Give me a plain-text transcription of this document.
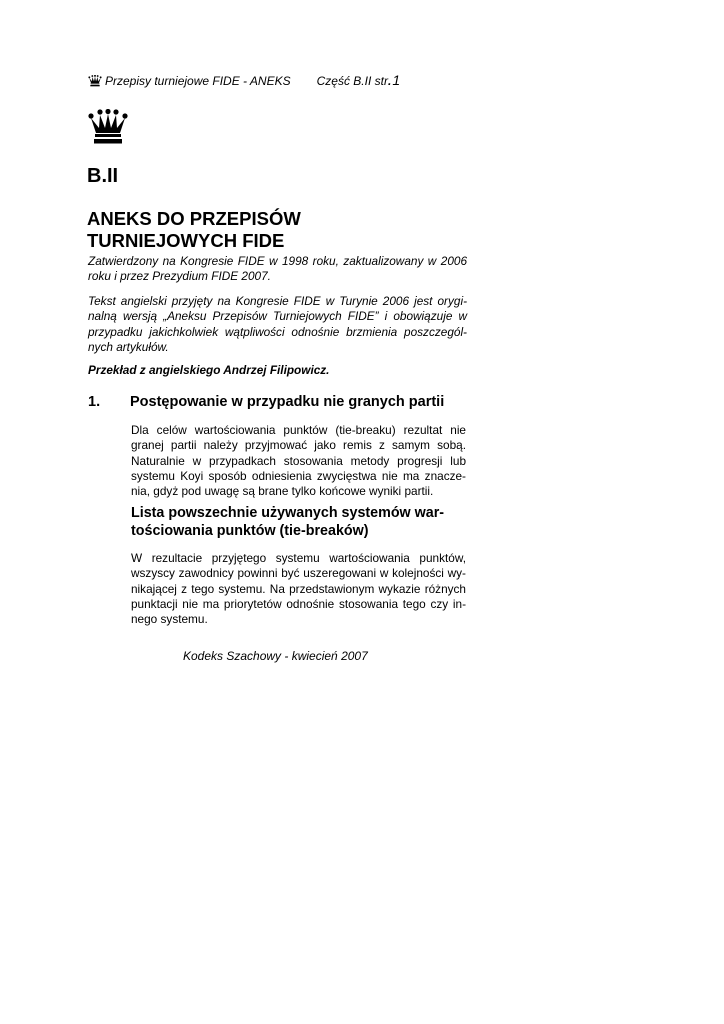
Przepisy turniejowe FIDE - ANEKS Część B.II str.1
B.II
ANEKS DO PRZEPISÓW
TURNIEJOWYCH FIDE

Zatwierdzony na Kongresie FIDE w 1998 roku, zaktualizowany w 2006 roku i przez Prezydium FIDE 2007.

Tekst angielski przyjęty na Kongresie FIDE w Turynie 2006 jest orygi- nalną wersją „Aneksu Przepisów Turniejowych FIDE” i obowiązuje w przypadku jakichkolwiek wątpliwości odnośnie brzmienia poszczegól- nych artykułów.

Przekład z angielskiego Andrzej Filipowicz.

1. Postępowanie w przypadku nie granych partii

Dla celów wartościowania punktów (tie-breaku) rezultat nie granej partii należy przyjmować jako remis z samym sobą. Naturalnie w przypadkach stosowania metody progresji lub systemu Koyi sposób odniesienia zwycięstwa nie ma znacze- nia, gdyż pod uwagę są brane tylko końcowe wyniki partii.

Lista powszechnie używanych systemów war- tościowania punktów (tie-breaków)

W rezultacie przyjętego systemu wartościowania punktów, wszyscy zawodnicy powinni być uszeregowani w kolejności wy- nikającej z tego systemu. Na przedstawionym wykazie różnych punktacji nie ma priorytetów odnośnie stosowania tego czy in- nego systemu.

Kodeks Szachowy - kwiecień 2007
